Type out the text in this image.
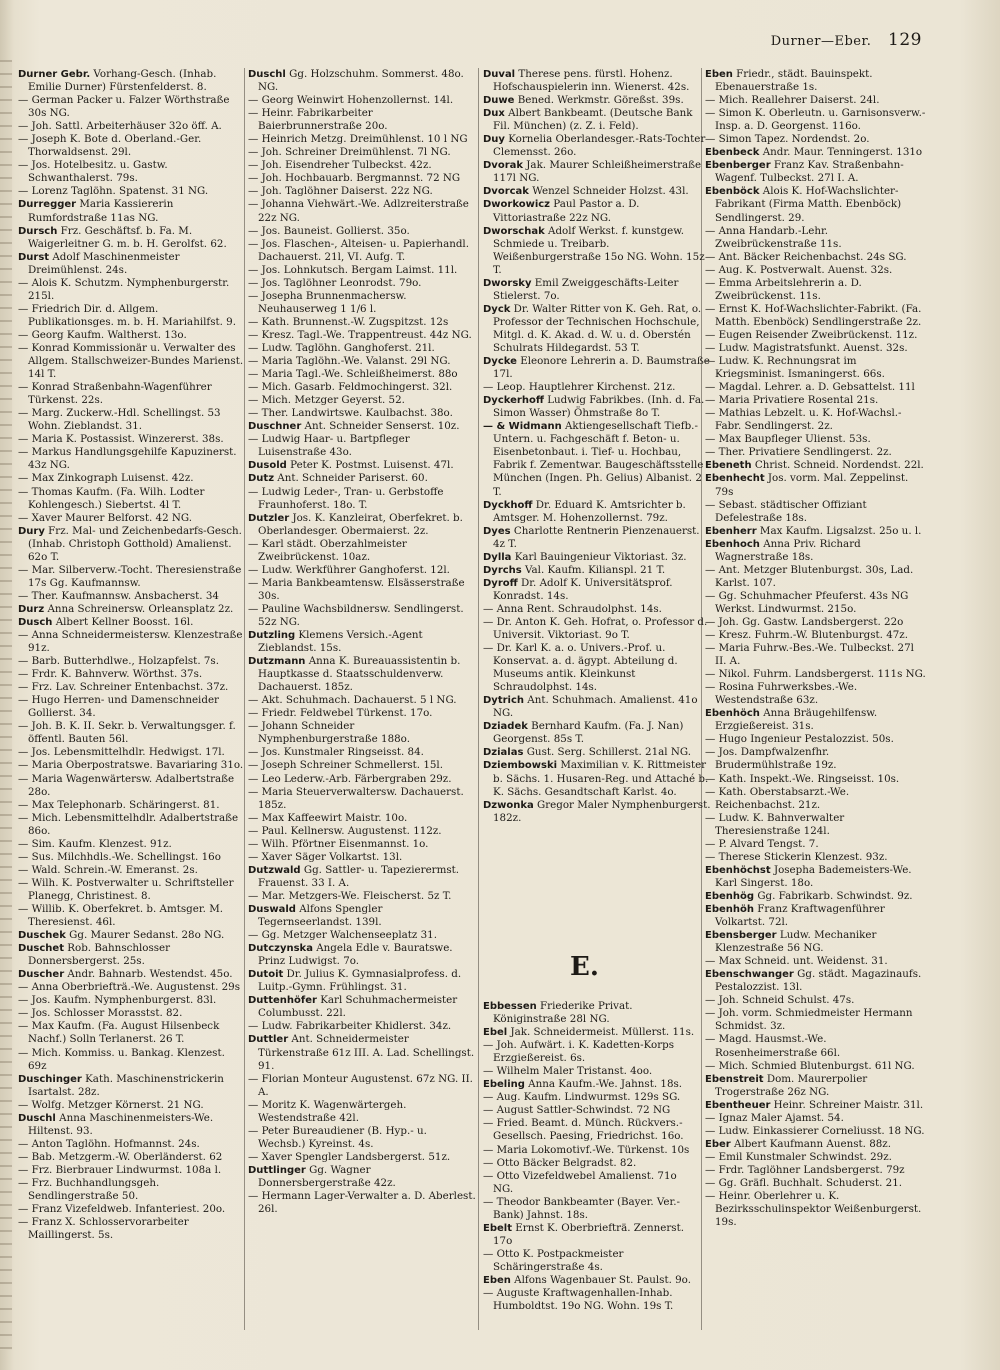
Durner—Eber. 129

Durner Gebr. Vorhang-Gesch. (Inhab. Emilie Durner) Fürstenfelderst. 8.

— German Packer u. Falzer Wörthstraße 30s NG.

— Joh. Sattl. Arbeiterhäuser 32o öff. A.

— Joseph K. Bote d. Oberland.-Ger. Thorwaldsenst. 29l.

— Jos. Hotelbesitz. u. Gastw. Schwanthalerst. 79s.

— Lorenz Taglöhn. Spatenst. 31 NG.

Durregger Maria Kassiererin Rumfordstraße 11as NG.

Dursch Frz. Geschäftsf. b. Fa. M. Waigerleitner G. m. b. H. Gerolfst. 62.

Durst Adolf Maschinenmeister Dreimühlenst. 24s.

— Alois K. Schutzm. Nymphenburgerstr. 215l.

— Friedrich Dir. d. Allgem. Publikationsges. m. b. H. Mariahilfst. 9.

— Georg Kaufm. Waltherst. 13o.

— Konrad Kommissionär u. Verwalter des Allgem. Stallschweizer-Bundes Marienst. 14l T.

— Konrad Straßenbahn-Wagenführer Türkenst. 22s.

— Marg. Zuckerw.-Hdl. Schellingst. 53 Wohn. Zieblandst. 31.

— Maria K. Postassist. Winzererst. 38s.

— Markus Handlungsgehilfe Kapuzinerst. 43z NG.

— Max Zinkograph Luisenst. 42z.

— Thomas Kaufm. (Fa. Wilh. Lodter Kohlengesch.) Siebertst. 4l T.

— Xaver Maurer Belforst. 42 NG.

Dury Frz. Mal- und Zeichenbedarfs-Gesch. (Inhab. Christoph Gotthold) Amalienst. 62o T.

— Mar. Silberverw.-Tocht. Theresienstraße 17s Gg. Kaufmannsw.

— Ther. Kaufmannsw. Ansbacherst. 34

Durz Anna Schreinersw. Orleansplatz 2z.

Dusch Albert Kellner Boosst. 16l.

— Anna Schneidermeistersw. Klenzestraße 91z.

— Barb. Butterhdlwe., Holzapfelst. 7s.

— Frdr. K. Bahnverw. Wörthst. 37s.

— Frz. Lav. Schreiner Entenbachst. 37z.

— Hugo Herren- und Damenschneider Gollierst. 34.

— Joh. B. K. II. Sekr. b. Verwaltungsger. f. öffentl. Bauten 56l.

— Jos. Lebensmittelhdlr. Hedwigst. 17l.

— Maria Oberpostratswe. Bavariaring 31o.

— Maria Wagenwärtersw. Adalbertstraße 28o.

— Max Telephonarb. Schäringerst. 81.

— Mich. Lebensmittelhdlr. Adalbertstraße 86o.

— Sim. Kaufm. Klenzest. 91z.

— Sus. Milchhdls.-We. Schellingst. 16o

— Wald. Schrein.-W. Emeranst. 2s.

— Wilh. K. Postverwalter u. Schriftsteller Planegg, Christinest. 8.

— Willib. K. Oberfekret. b. Amtsger. M. Theresienst. 46l.

Duschek Gg. Maurer Sedanst. 28o NG.

Duschet Rob. Bahnschlosser Donnersbergerst. 25s.

Duscher Andr. Bahnarb. Westendst. 45o.

— Anna Oberbriefträ.-We. Augustenst. 29s

— Jos. Kaufm. Nymphenburgerst. 83l.

— Jos. Schlosser Morasstst. 82.

— Max Kaufm. (Fa. August Hilsenbeck Nachf.) Solln Terlanerst. 26 T.

— Mich. Kommiss. u. Bankag. Klenzest. 69z

Duschinger Kath. Maschinenstrickerin Isartalst. 28z.

— Wolfg. Metzger Körnerst. 21 NG.

Duschl Anna Maschinenmeisters-We. Hiltenst. 93.

— Anton Taglöhn. Hofmannst. 24s.

— Bab. Metzgerm.-W. Oberländerst. 62

— Frz. Bierbrauer Lindwurmst. 108a l.

— Frz. Buchhandlungsgeh. Sendlingerstraße 50.

— Franz Vizefeldweb. Infanteriest. 20o.

— Franz X. Schlosservorarbeiter Maillingerst. 5s.

Duschl Gg. Holzschuhm. Sommerst. 48o. NG.

— Georg Weinwirt Hohenzollernst. 14l.

— Heinr. Fabrikarbeiter Baierbrunnerstraße 20o.

— Heinrich Metzg. Dreimühlenst. 10 l NG

— Joh. Schreiner Dreimühlenst. 7l NG.

— Joh. Eisendreher Tulbeckst. 42z.

— Joh. Hochbauarb. Bergmannst. 72 NG

— Joh. Taglöhner Daiserst. 22z NG.

— Johanna Viehwärt.-We. Adlzreiterstraße 22z NG.

— Jos. Bauneist. Gollierst. 35o.

— Jos. Flaschen-, Alteisen- u. Papierhandl. Dachauerst. 21l, VI. Aufg. T.

— Jos. Lohnkutsch. Bergam Laimst. 11l.

— Jos. Taglöhner Leonrodst. 79o.

— Josepha Brunnenmachersw. Neuhauserweg 1 1/6 l.

— Kath. Brunnenst.-W. Zugspitzst. 12s

— Kresz. Tagl.-We. Trappentreust. 44z NG.

— Ludw. Taglöhn. Ganghoferst. 21l.

— Maria Taglöhn.-We. Valanst. 29l NG.

— Maria Tagl.-We. Schleißheimerst. 88o

— Mich. Gasarb. Feldmochingerst. 32l.

— Mich. Metzger Geyerst. 52.

— Ther. Landwirtswe. Kaulbachst. 38o.

Duschner Ant. Schneider Senserst. 10z.

— Ludwig Haar- u. Bartpfleger Luisenstraße 43o.

Dusold Peter K. Postmst. Luisenst. 47l.

Dutz Ant. Schneider Pariserst. 60.

— Ludwig Leder-, Tran- u. Gerbstoffe Fraunhoferst. 18o. T.

Dutzler Jos. K. Kanzleirat, Oberfekret. b. Oberlandesger. Obermaierst. 2z.

— Karl städt. Oberzahlmeister Zweibrückenst. 10az.

— Ludw. Werkführer Ganghoferst. 12l.

— Maria Bankbeamtensw. Elsässerstraße 30s.

— Pauline Wachsbildnersw. Sendlingerst. 52z NG.

Dutzling Klemens Versich.-Agent Zieblandst. 15s.

Dutzmann Anna K. Bureauassistentin b. Hauptkasse d. Staatsschuldenverw. Dachauerst. 185z.

— Akt. Schuhmach. Dachauerst. 5 l NG.

— Friedr. Feldwebel Türkenst. 17o.

— Johann Schneider Nymphenburgerstraße 188o.

— Jos. Kunstmaler Ringseisst. 84.

— Joseph Schreiner Schmellerst. 15l.

— Leo Lederw.-Arb. Färbergraben 29z.

— Maria Steuerverwaltersw. Dachauerst. 185z.

— Max Kaffeewirt Maistr. 10o.

— Paul. Kellnersw. Augustenst. 112z.

— Wilh. Pförtner Eisenmannst. 1o.

— Xaver Säger Volkartst. 13l.

Dutzwald Gg. Sattler- u. Tapezierermst. Frauenst. 33 I. A.

— Mar. Metzgers-We. Fleischerst. 5z T.

Duswald Alfons Spengler Tegernseerlandst. 139l.

— Gg. Metzger Walchenseeplatz 31.

Dutczynska Angela Edle v. Bauratswe. Prinz Ludwigst. 7o.

Dutoit Dr. Julius K. Gymnasialprofess. d. Luitp.-Gymn. Frühlingst. 31.

Duttenhöfer Karl Schuhmachermeister Columbusst. 22l.

— Ludw. Fabrikarbeiter Khidlerst. 34z.

Duttler Ant. Schneidermeister Türkenstraße 61z III. A. Lad. Schellingst. 91.

— Florian Monteur Augustenst. 67z NG. II. A.

— Moritz K. Wagenwärtergeh. Westendstraße 42l.

— Peter Bureaudiener (B. Hyp.- u. Wechsb.) Kyreinst. 4s.

— Xaver Spengler Landsbergerst. 51z.

Duttlinger Gg. Wagner Donnersbergerstraße 42z.

— Hermann Lager-Verwalter a. D. Aberlest. 26l.

Duval Therese pens. fürstl. Hohenz. Hofschauspielerin inn. Wienerst. 42s.

Duwe Bened. Werkmstr. Göreßst. 39s.

Dux Albert Bankbeamt. (Deutsche Bank Fil. München) (z. Z. i. Feld).

Duy Kornelia Oberlandesger.-Rats-Tochter Clemensst. 26o.

Dvorak Jak. Maurer Schleißheimerstraße 117l NG.

Dvorcak Wenzel Schneider Holzst. 43l.

Dworkowicz Paul Pastor a. D. Vittoriastraße 22z NG.

Dworschak Adolf Werkst. f. kunstgew. Schmiede u. Treibarb. Weißenburgerstraße 15o NG. Wohn. 15z T.

Dworsky Emil Zweiggeschäfts-Leiter Stielerst. 7o.

Dyck Dr. Walter Ritter von K. Geh. Rat, o. Professor der Technischen Hochschule, Mitgl. d. K. Akad. d. W. u. d. Oberstén Schulrats Hildegardst. 53 T.

Dycke Eleonore Lehrerin a. D. Baumstraße 17l.

— Leop. Hauptlehrer Kirchenst. 21z.

Dyckerhoff Ludwig Fabrikbes. (Inh. d. Fa. Simon Wasser) Öhmstraße 8o T.

— & Widmann Aktiengesellschaft Tiefb.-Untern. u. Fachgeschäft f. Beton- u. Eisenbetonbaut. i. Tief- u. Hochbau, Fabrik f. Zementwar. Baugeschäftsstelle München (Ingen. Ph. Gelius) Albanist. 2 T.

Dyckhoff Dr. Eduard K. Amtsrichter b. Amtsger. M. Hohenzollernst. 79z.

Dyes Charlotte Rentnerin Pienzenauerst. 4z T.

Dylla Karl Bauingenieur Viktoriast. 3z.

Dyrchs Val. Kaufm. Kilianspl. 21 T.

Dyroff Dr. Adolf K. Universitätsprof. Konradst. 14s.

— Anna Rent. Schraudolphst. 14s.

— Dr. Anton K. Geh. Hofrat, o. Professor d. Universit. Viktoriast. 9o T.

— Dr. Karl K. a. o. Univers.-Prof. u. Konservat. a. d. ägypt. Abteilung d. Museums antik. Kleinkunst Schraudolphst. 14s.

Dytrich Ant. Schuhmach. Amalienst. 41o NG.

Dziadek Bernhard Kaufm. (Fa. J. Nan) Georgenst. 85s T.

Dzialas Gust. Serg. Schillerst. 21al NG.

Dziembowski Maximilian v. K. Rittmeister b. Sächs. 1. Husaren-Reg. und Attaché b. K. Sächs. Gesandtschaft Karlst. 4o.

Dzwonka Gregor Maler Nymphenburgerst. 182z.

Eben Friedr., städt. Bauinspekt. Ebenauerstraße 1s.

— Mich. Reallehrer Daiserst. 24l.

— Simon K. Oberleutn. u. Garnisonsverw.-Insp. a. D. Georgenst. 116o.

— Simon Tapez. Nordendst. 2o.

Ebenbeck Andr. Maur. Tenningerst. 131o

Ebenberger Franz Kav. Straßenbahn-Wagenf. Tulbeckst. 27l I. A.

Ebenböck Alois K. Hof-Wachslichter-Fabrikant (Firma Matth. Ebenböck) Sendlingerst. 29.

— Anna Handarb.-Lehr. Zweibrückenstraße 11s.

— Ant. Bäcker Reichenbachst. 24s SG.

— Aug. K. Postverwalt. Auenst. 32s.

— Emma Arbeitslehrerin a. D. Zweibrückenst. 11s.

— Ernst K. Hof-Wachslichter-Fabrikt. (Fa. Matth. Ebenböck) Sendlingerstraße 2z.

— Eugen Reisender Zweibrückenst. 11z.

— Ludw. Magistratsfunkt. Auenst. 32s.

— Ludw. K. Rechnungsrat im Kriegsminist. Ismaningerst. 66s.

— Magdal. Lehrer. a. D. Gebsattelst. 11l

— Maria Privatiere Rosental 21s.

— Mathias Lebzelt. u. K. Hof-Wachsl.-Fabr. Sendlingerst. 2z.

— Max Baupfleger Ulienst. 53s.

— Ther. Privatiere Sendlingerst. 2z.

Ebeneth Christ. Schneid. Nordendst. 22l.

Ebenhecht Jos. vorm. Mal. Zeppelinst. 79s

— Sebast. städtischer Offiziant Defelestraße 18s.

Ebenherr Max Kaufm. Ligsalzst. 25o u. l.

Ebenhoch Anna Priv. Richard Wagnerstraße 18s.

— Ant. Metzger Blutenburgst. 30s, Lad. Karlst. 107.

— Gg. Schuhmacher Pfeuferst. 43s NG Werkst. Lindwurmst. 215o.

— Joh. Gg. Gastw. Landsbergerst. 22o

— Kresz. Fuhrm.-W. Blutenburgst. 47z.

— Maria Fuhrw.-Bes.-We. Tulbeckst. 27l II. A.

— Nikol. Fuhrm. Landsbergerst. 111s NG.

— Rosina Fuhrwerksbes.-We. Westendstraße 63z.

Ebenhöch Anna Bräugehilfensw. Erzgießereist. 31s.

— Hugo Ingenieur Pestalozzist. 50s.

— Jos. Dampfwalzenfhr. Brudermühlstraße 19z.

— Kath. Inspekt.-We. Ringseisst. 10s.

— Kath. Oberstabsarzt.-We. Reichenbachst. 21z.

— Ludw. K. Bahnverwalter Theresienstraße 124l.

— P. Alvard Tengst. 7.

— Therese Stickerin Klenzest. 93z.

Ebenhöchst Josepha Bademeisters-We. Karl Singerst. 18o.

Ebenhög Gg. Fabrikarb. Schwindst. 9z.

Ebenhöh Franz Kraftwagenführer Volkartst. 72l.

Ebensberger Ludw. Mechaniker Klenzestraße 56 NG.

— Max Schneid. unt. Weidenst. 31.

Ebenschwanger Gg. städt. Magazinaufs. Pestalozzist. 13l.

— Joh. Schneid Schulst. 47s.

— Joh. vorm. Schmiedmeister Hermann Schmidst. 3z.

— Magd. Hausmst.-We. Rosenheimerstraße 66l.

— Mich. Schmied Blutenburgst. 61l NG.

Ebenstreit Dom. Maurerpolier Trogerstraße 26z NG.

Ebentheuer Heinr. Schreiner Maistr. 31l.

— Ignaz Maler Ajamst. 54.

— Ludw. Einkassierer Corneliusst. 18 NG.

Eber Albert Kaufmann Auenst. 88z.

— Emil Kunstmaler Schwindst. 29z.

— Frdr. Taglöhner Landsbergerst. 79z

— Gg. Gräfl. Buchhalt. Schuderst. 21.

— Heinr. Oberlehrer u. K. Bezirksschulinspektor Weißenburgerst. 19s.

E.

Ebbessen Friederike Privat. Königinstraße 28l NG.

Ebel Jak. Schneidermeist. Müllerst. 11s.

— Joh. Aufwärt. i. K. Kadetten-Korps Erzgießereist. 6s.

— Wilhelm Maler Tristanst. 4oo.

Ebeling Anna Kaufm.-We. Jahnst. 18s.

— Aug. Kaufm. Lindwurmst. 129s SG.

— August Sattler-Schwindst. 72 NG

— Fried. Beamt. d. Münch. Rückvers.-Gesellsch. Paesing, Friedrichst. 16o.

— Maria Lokomotivf.-We. Türkenst. 10s

— Otto Bäcker Belgradst. 82.

— Otto Vizefeldwebel Amalienst. 71o NG.

— Theodor Bankbeamter (Bayer. Ver.-Bank) Jahnst. 18s.

Ebelt Ernst K. Oberbriefträ. Zennerst. 17o

— Otto K. Postpackmeister Schäringerstraße 4s.

Eben Alfons Wagenbauer St. Paulst. 9o.

— Auguste Kraftwagenhallen-Inhab. Humboldtst. 19o NG. Wohn. 19s T.
